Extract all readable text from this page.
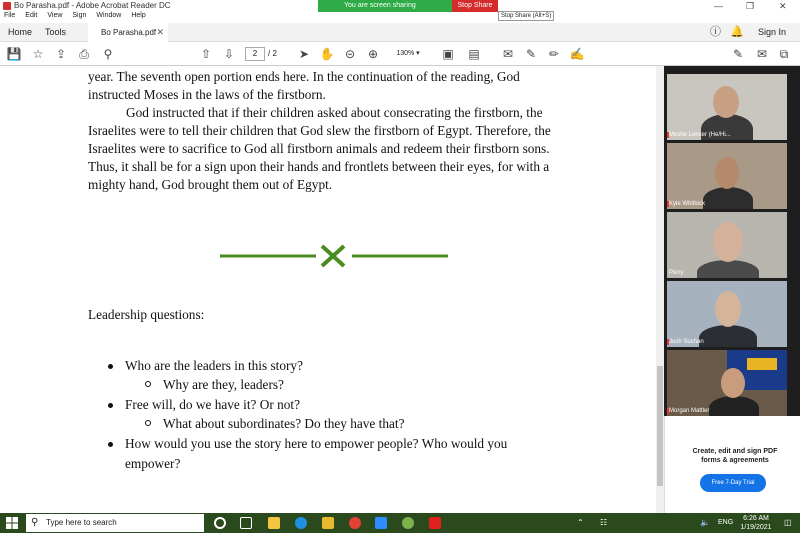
Bo Parasha.pdf - Adobe Acrobat Reader DC	You are screen sharing	Stop Share
Stop Share (Alt+S)
—	❐	✕
File Edit View Sign Window Help
Home Tools	Bo Parasha.pdf ✕	ⓘ 🔔 Sign In
💾 ☆ ⇪ ⎙ ⚲	⇧ ⇩	2	/ 2 ➤ ✋ ⊝ ⊕	130% ▾	▣ ▤ ✉ ✎ ✏ ✍	✎ ✉	⧉
year. The seventh open portion ends here. In the continuation of the reading, God instructed Moses in the laws of the firstborn.
God instructed that if their children asked about consecrating the firstborn, the Israelites were to tell their children that God slew the firstborn of Egypt. Therefore, the Israelites were to sacrifice to God all firstborn animals and redeem their firstborn sons. Thus, it shall be for a sign upon their hands and frontlets between their eyes, for with a mighty hand, God brought them out of Egypt.
Leadership questions:
Who are the leaders in this story?
Why are they, leaders?
Free will, do we have it? Or not?
What about subordinates? Do they have that?
How would you use the story here to empower people? Who would you
empower?
Moshe Lencer (He/Hi...
Kyle Whitlock
Perry
Josh Sushan
Morgan Mattler
Create, edit and sign PDF forms & agreements
Free 7-Day Trial
⚲ Type here to search	⌃ ☷	🔈 ENG
6:26 AM
1/19/2021
◫
